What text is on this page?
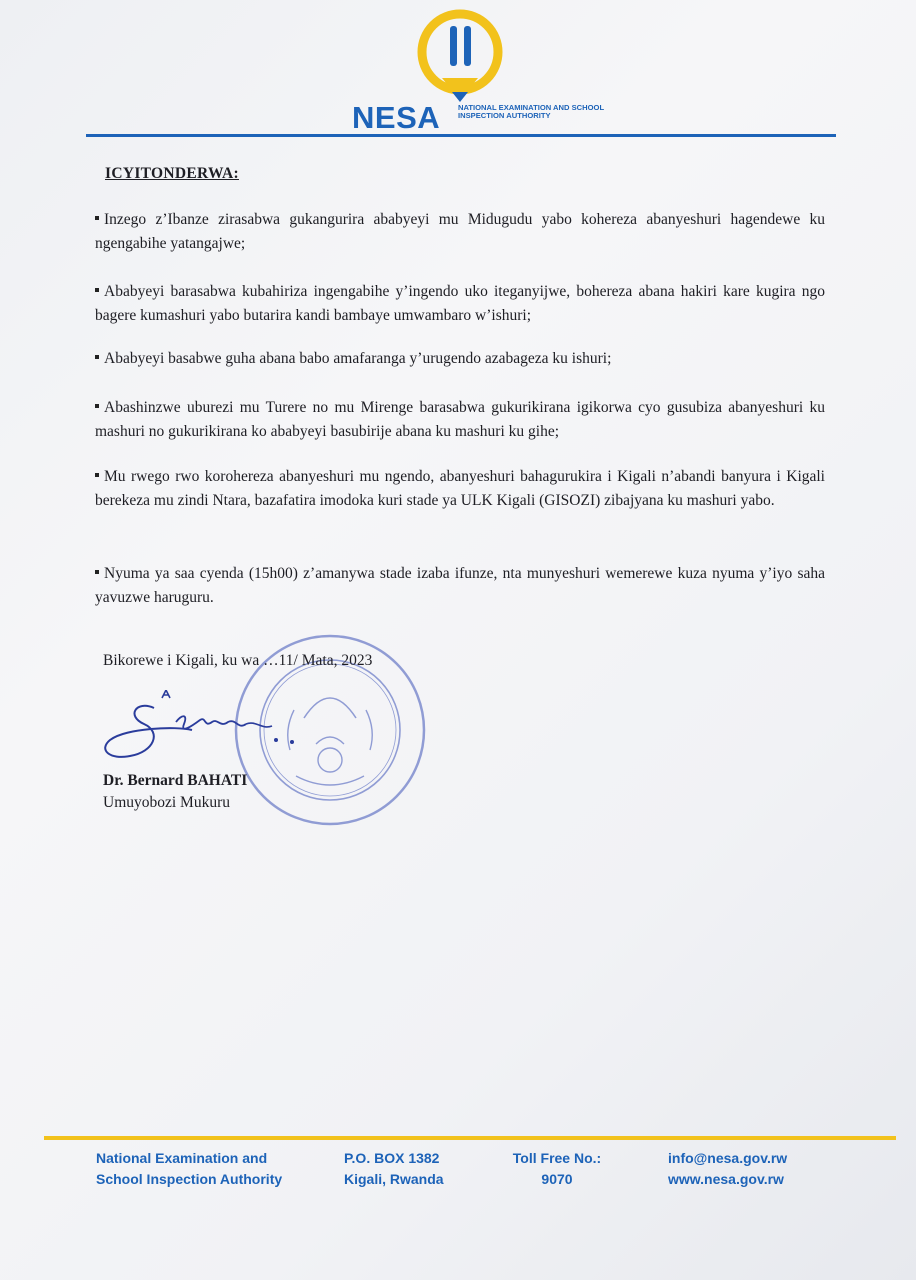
NESA NATIONAL EXAMINATION AND SCHOOL INSPECTION AUTHORITY
ICYITONDERWA:

Inzego z’Ibanze zirasabwa gukangurira ababyeyi mu Midugudu yabo kohereza abanyeshuri hagendewe ku ngengabihe yatangajwe;

Ababyeyi barasabwa kubahiriza ingengabihe y’ingendo uko iteganyijwe, bohereza abana hakiri kare kugira ngo bagere kumashuri yabo butarira kandi bambaye umwambaro w’ishuri;

Ababyeyi basabwe guha abana babo amafaranga y’urugendo azabageza ku ishuri;

Abashinzwe uburezi mu Turere no mu Mirenge barasabwa gukurikirana igikorwa cyo gusubiza abanyeshuri ku mashuri no gukurikirana ko ababyeyi basubirije abana ku mashuri ku gihe;

Mu rwego rwo korohereza abanyeshuri mu ngendo, abanyeshuri bahagurukira i Kigali n’abandi banyura i Kigali berekeza mu zindi Ntara, bazafatira imodoka kuri stade ya ULK Kigali (GISOZI) zibajyana ku mashuri yabo.

Nyuma ya saa cyenda (15h00) z’amanywa stade izaba ifunze, nta munyeshuri wemerewe kuza nyuma y’iyo saha yavuzwe haruguru.

Bikorewe i Kigali, ku wa …11/ Mata, 2023
Dr. Bernard BAHATI
Umuyobozi Mukuru
National Examination and
School Inspection Authority
P.O. BOX 1382
Kigali, Rwanda
Toll Free No.:
9070
info@nesa.gov.rw
www.nesa.gov.rw
